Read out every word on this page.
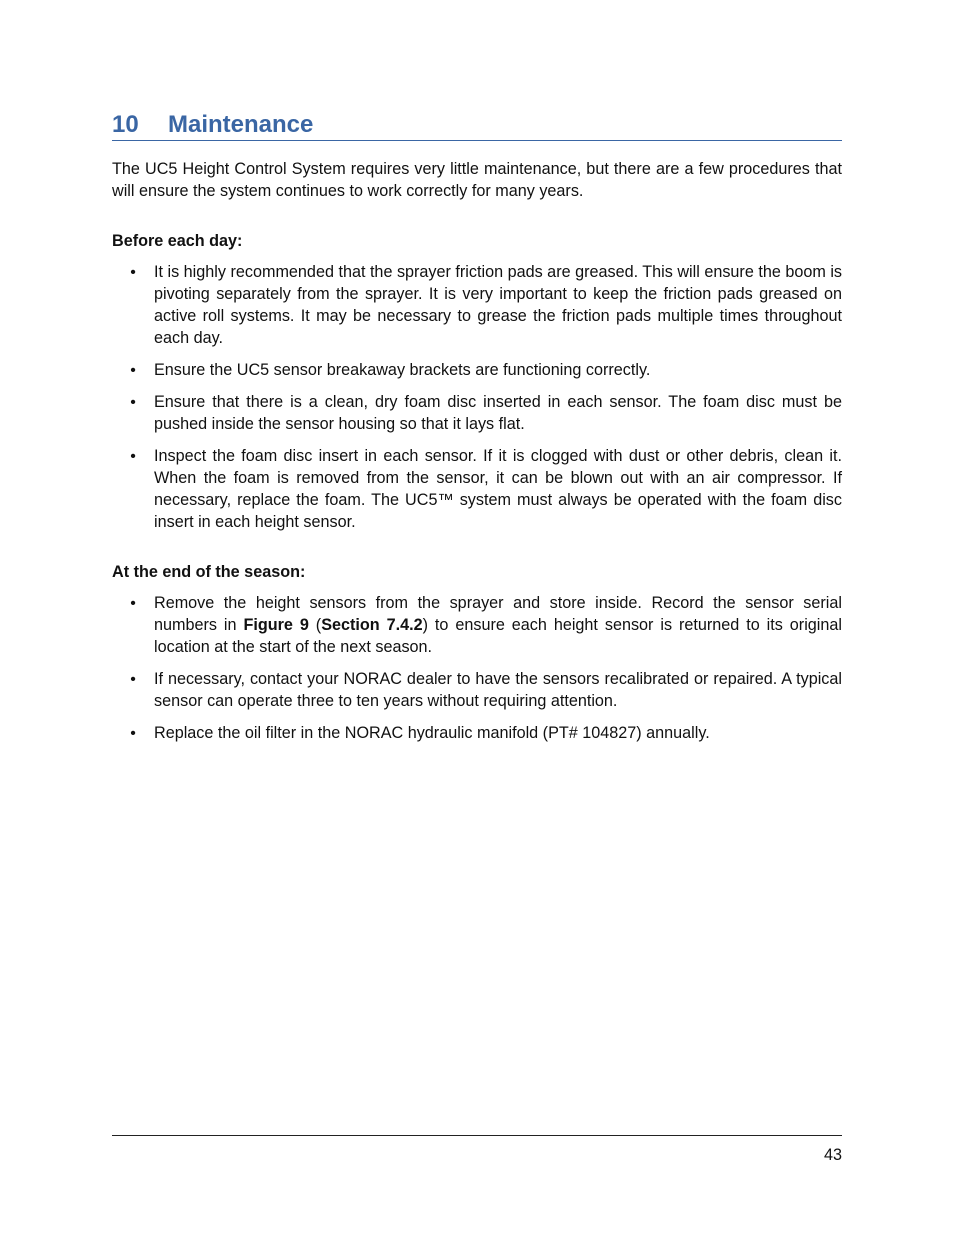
10	Maintenance

The UC5 Height Control System requires very little maintenance, but there are a few procedures that will ensure the system continues to work correctly for many years.

Before each day:

• It is highly recommended that the sprayer friction pads are greased. This will ensure the boom is pivoting separately from the sprayer. It is very important to keep the friction pads greased on active roll systems. It may be necessary to grease the friction pads multiple times throughout each day.
• Ensure the UC5 sensor breakaway brackets are functioning correctly.
• Ensure that there is a clean, dry foam disc inserted in each sensor. The foam disc must be pushed inside the sensor housing so that it lays flat.
• Inspect the foam disc insert in each sensor. If it is clogged with dust or other debris, clean it. When the foam is removed from the sensor, it can be blown out with an air compressor. If necessary, replace the foam. The UC5™ system must always be operated with the foam disc insert in each height sensor.

At the end of the season:

• Remove the height sensors from the sprayer and store inside. Record the sensor serial numbers in Figure 9 (Section 7.4.2) to ensure each height sensor is returned to its original location at the start of the next season.
• If necessary, contact your NORAC dealer to have the sensors recalibrated or repaired. A typical sensor can operate three to ten years without requiring attention.
• Replace the oil filter in the NORAC hydraulic manifold (PT# 104827) annually.
43
